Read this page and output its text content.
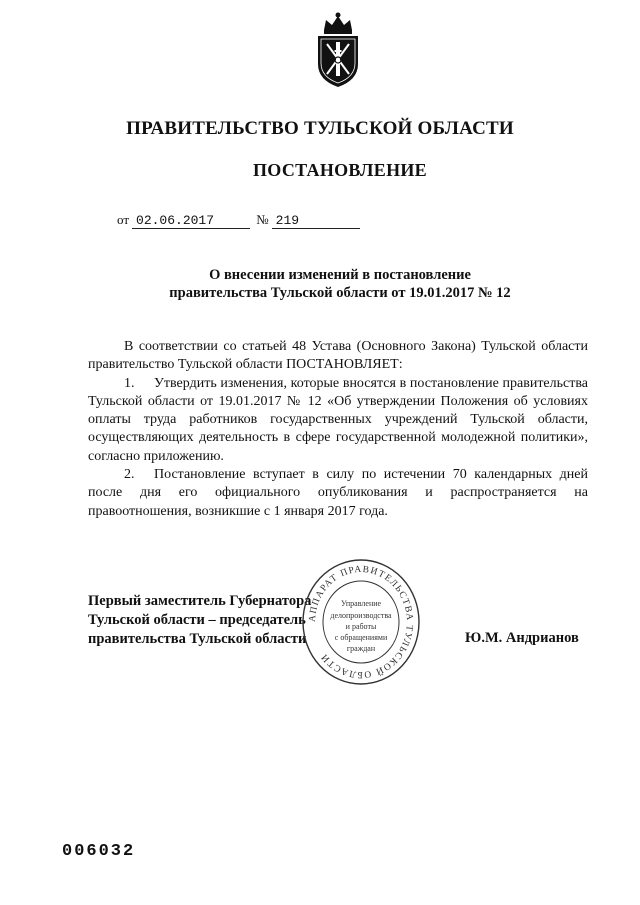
ПРАВИТЕЛЬСТВО ТУЛЬСКОЙ ОБЛАСТИ
ПОСТАНОВЛЕНИЕ
от 02.06.2017	№ 219
О внесении изменений в постановление
правительства Тульской области от 19.01.2017 № 12

В соответствии со статьей 48 Устава (Основного Закона) Тульской области правительство Тульской области ПОСТАНОВЛЯЕТ:

1. Утвердить изменения, которые вносятся в постановление правительства Тульской области от 19.01.2017 № 12 «Об утверждении Положения об условиях оплаты труда работников государственных учреждений Тульской области, осуществляющих деятельность в сфере государственной молодежной политики», согласно приложению.

2. Постановление вступает в силу по истечении 70 календарных дней после дня его официального опубликования и распространяется на правоотношения, возникшие с 1 января 2017 года.

Первый заместитель Губернатора
Тульской области – председатель
правительства Тульской области
АППАРАТ ПРАВИТЕЛЬСТВА ТУЛЬСКОЙ ОБЛАСТИ
Управление
делопроизводства
и работы
с обращениями
граждан
Ю.М. Андрианов
006032
